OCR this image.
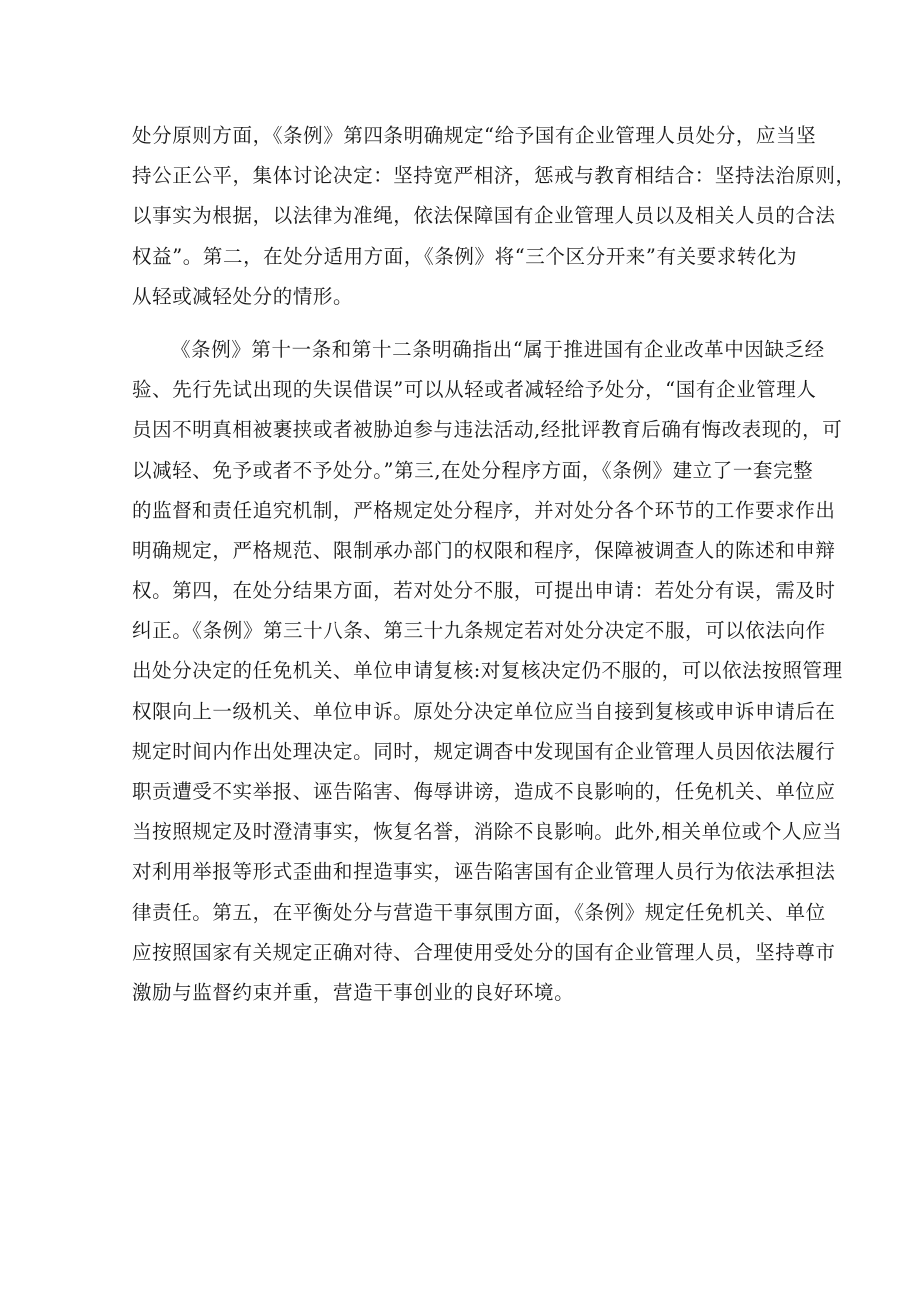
处分原则方面，《条例》第四条明确规定“给予国有企业管理人员处分，应当坚
持公正公平，集体讨论决定：坚持宽严相济，惩戒与教育相结合：坚持法治原则，
以事实为根据，以法律为准绳，依法保障国有企业管理人员以及相关人员的合法
权益”。第二，在处分适用方面，《条例》将“三个区分开来”有关要求转化为
从轻或减轻处分的情形。
《条例》第十一条和第十二条明确指出“属于推进国有企业改革中因缺乏经
验、先行先试出现的失误借误”可以从轻或者减轻给予处分，“国有企业管理人
员因不明真相被裹挟或者被胁迫参与违法活动,经批评教育后确有悔改表现的，可
以减轻、免予或者不予处分。”第三,在处分程序方面，《条例》建立了一套完整
的监督和责任追究机制，严格规定处分程序，并对处分各个环节的工作要求作出
明确规定，严格规范、限制承办部门的权限和程序，保障被调查人的陈述和申辩
权。第四，在处分结果方面，若对处分不服，可提出申请：若处分有误，需及时
纠正。《条例》第三十八条、第三十九条规定若对处分决定不服，可以依法向作
出处分决定的任免机关、单位申请复核:对复核决定仍不服的，可以依法按照管理
权限向上一级机关、单位申诉。原处分决定单位应当自接到复核或申诉申请后在
规定时间内作出处理决定。同时，规定调杳中发现国有企业管理人员因依法履行
职贡遭受不实举报、诬告陷害、侮辱讲谤，造成不良影响的，任免机关、单位应
当按照规定及时澄清事实，恢复名誉，消除不良影响。此外,相关单位或个人应当
对利用举报等形式歪曲和捏造事实，诬告陷害国有企业管理人员行为依法承担法
律责任。第五，在平衡处分与营造干事氛围方面，《条例》规定任免机关、单位
应按照国家有关规定正确对待、合理使用受处分的国有企业管理人员，坚持尊市
激励与监督约束并重，营造干事创业的良好环境。
